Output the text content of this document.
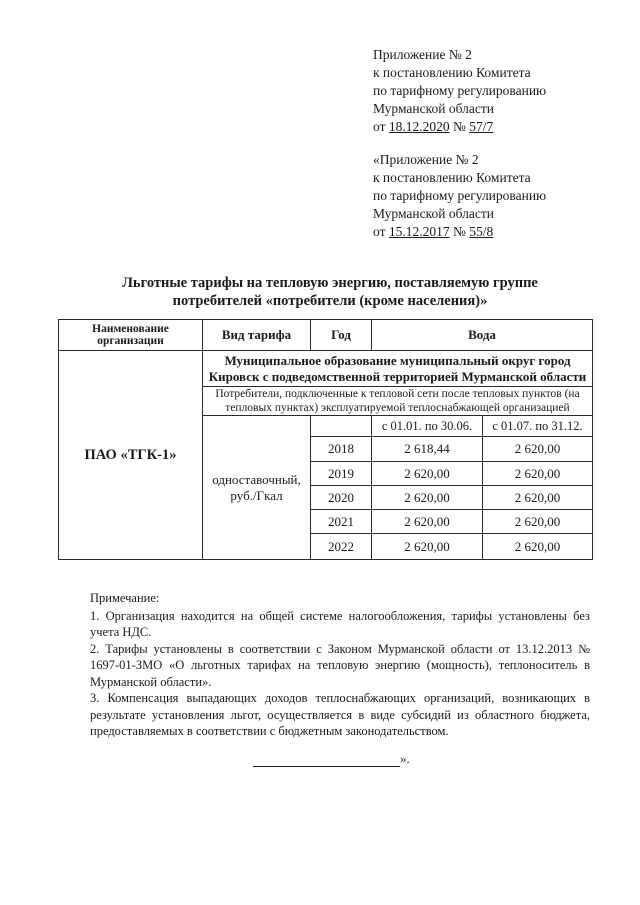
Приложение № 2
к постановлению Комитета
по тарифному регулированию
Мурманской области
от 18.12.2020 № 57/7
«Приложение № 2
к постановлению Комитета
по тарифному регулированию
Мурманской области
от 15.12.2017 № 55/8
Льготные тарифы на тепловую энергию, поставляемую группе
потребителей «потребители (кроме населения)»
Наименование организации	Вид тарифа	Год	Вода	
ПАО «ТГК-1»	Муниципальное образование муниципальный округ город Кировск с подведомственной территорией Мурманской области			
	Потребители, подключенные к тепловой сети после тепловых пунктов (на тепловых пунктах) эксплуатируемой теплоснабжающей организацией			
	одноставочный, руб./Гкал		с 01.01. по 30.06.	с 01.07. по 31.12.
		2018	2 618,44	2 620,00
		2019	2 620,00	2 620,00
		2020	2 620,00	2 620,00
		2021	2 620,00	2 620,00
		2022	2 620,00	2 620,00
Примечание:
1. Организация находится на общей системе налогообложения, тарифы установлены без учета НДС.
2. Тарифы установлены в соответствии с Законом Мурманской области от 13.12.2013 № 1697-01-ЗМО «О льготных тарифах на тепловую энергию (мощность), теплоноситель в Мурманской области».
3. Компенсация выпадающих доходов теплоснабжающих организаций, возникающих в результате установления льгот, осуществляется в виде субсидий из областного бюджета, предоставляемых в соответствии с бюджетным законодательством.
».
